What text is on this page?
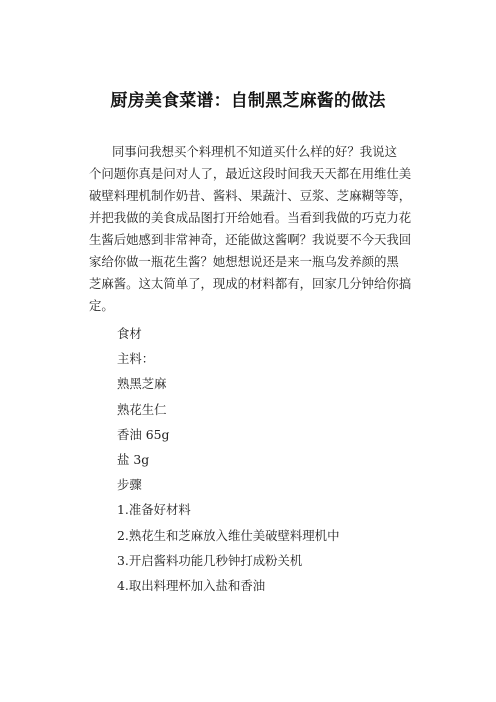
厨房美食菜谱：自制黑芝麻酱的做法
同事问我想买个料理机不知道买什么样的好？我说这
个问题你真是问对人了，最近这段时间我天天都在用维仕美
破壁料理机制作奶昔、酱料、果蔬汁、豆浆、芝麻糊等等，
并把我做的美食成品图打开给她看。当看到我做的巧克力花
生酱后她感到非常神奇，还能做这酱啊？我说要不今天我回
家给你做一瓶花生酱？她想想说还是来一瓶乌发养颜的黑
芝麻酱。这太简单了，现成的材料都有，回家几分钟给你搞
定。
食材
主料：
熟黑芝麻
熟花生仁
香油 65g
盐 3g
步骤
1.准备好材料
2.熟花生和芝麻放入维仕美破壁料理机中
3.开启酱料功能几秒钟打成粉关机
4.取出料理杯加入盐和香油
